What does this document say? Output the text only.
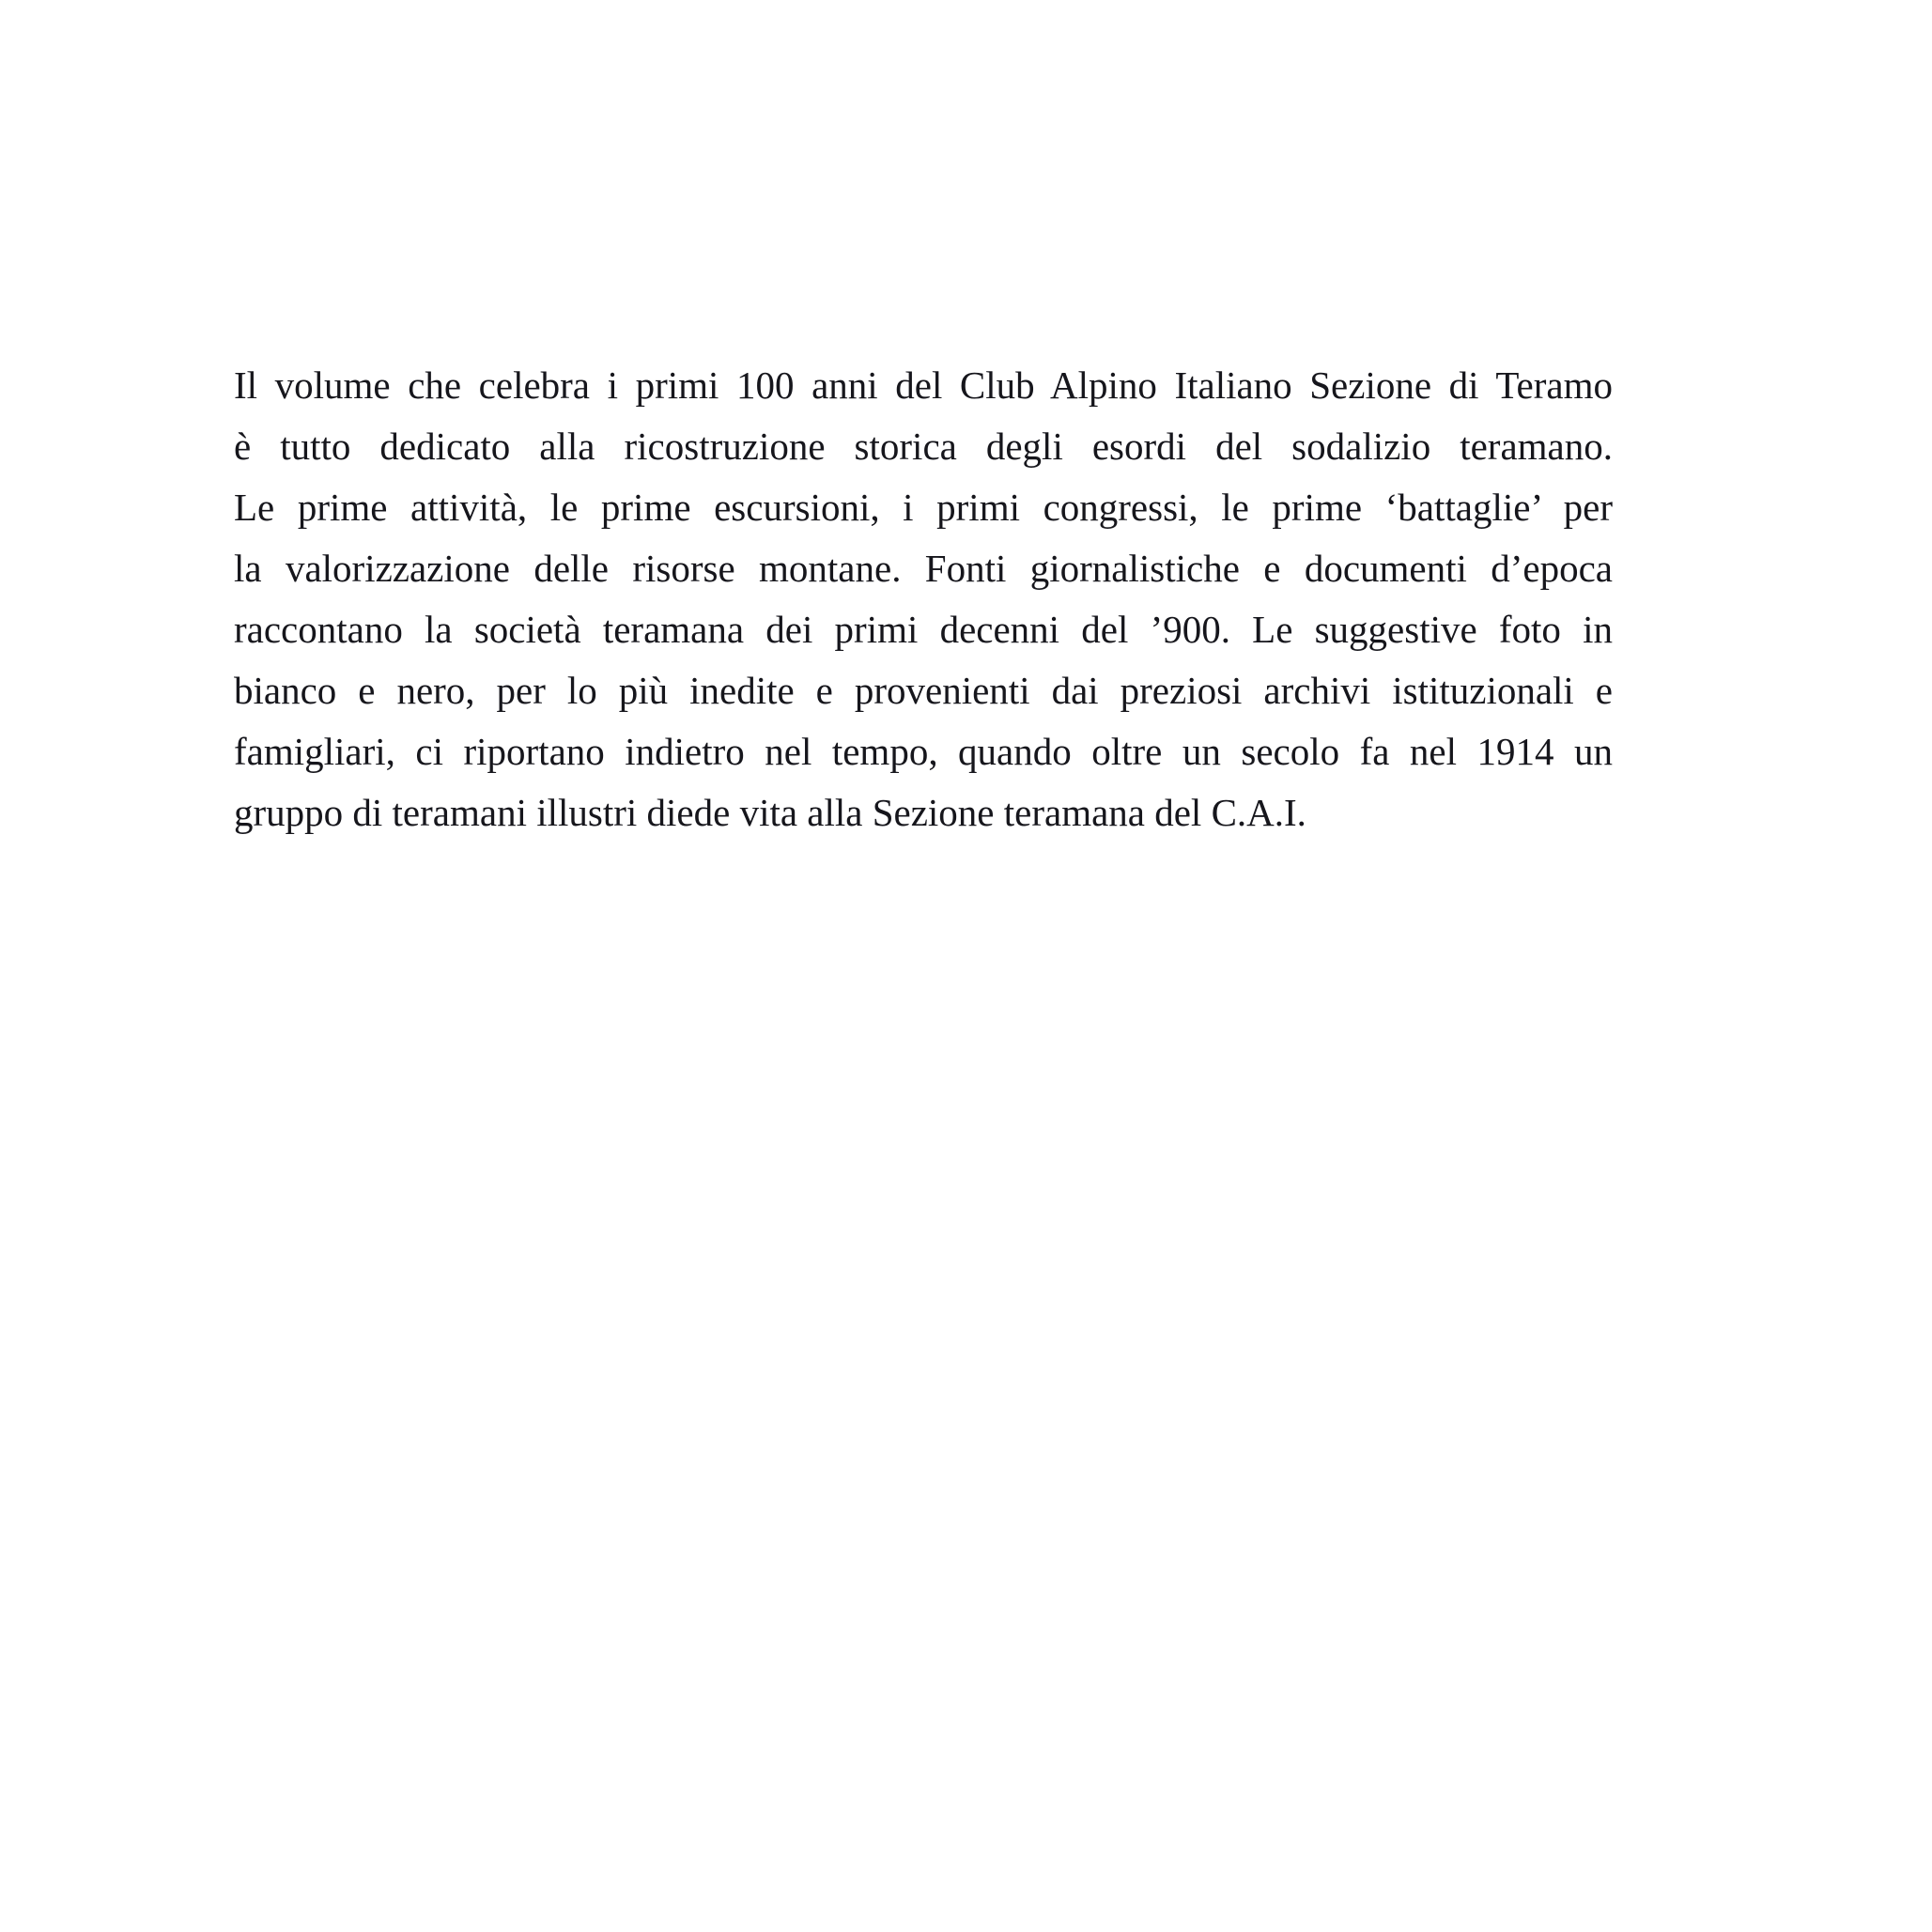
Il volume che celebra i primi 100 anni del Club Alpino Italiano Sezione di Teramo
è tutto dedicato alla ricostruzione storica degli esordi del sodalizio teramano.
Le prime attività, le prime escursioni, i primi congressi, le prime ‘battaglie’ per
la valorizzazione delle risorse montane. Fonti giornalistiche e documenti d’epoca
raccontano la società teramana dei primi decenni del ’900. Le suggestive foto in
bianco e nero, per lo più inedite e provenienti dai preziosi archivi istituzionali e
famigliari, ci riportano indietro nel tempo, quando oltre un secolo fa nel 1914 un
gruppo di teramani illustri diede vita alla Sezione teramana del C.A.I.
